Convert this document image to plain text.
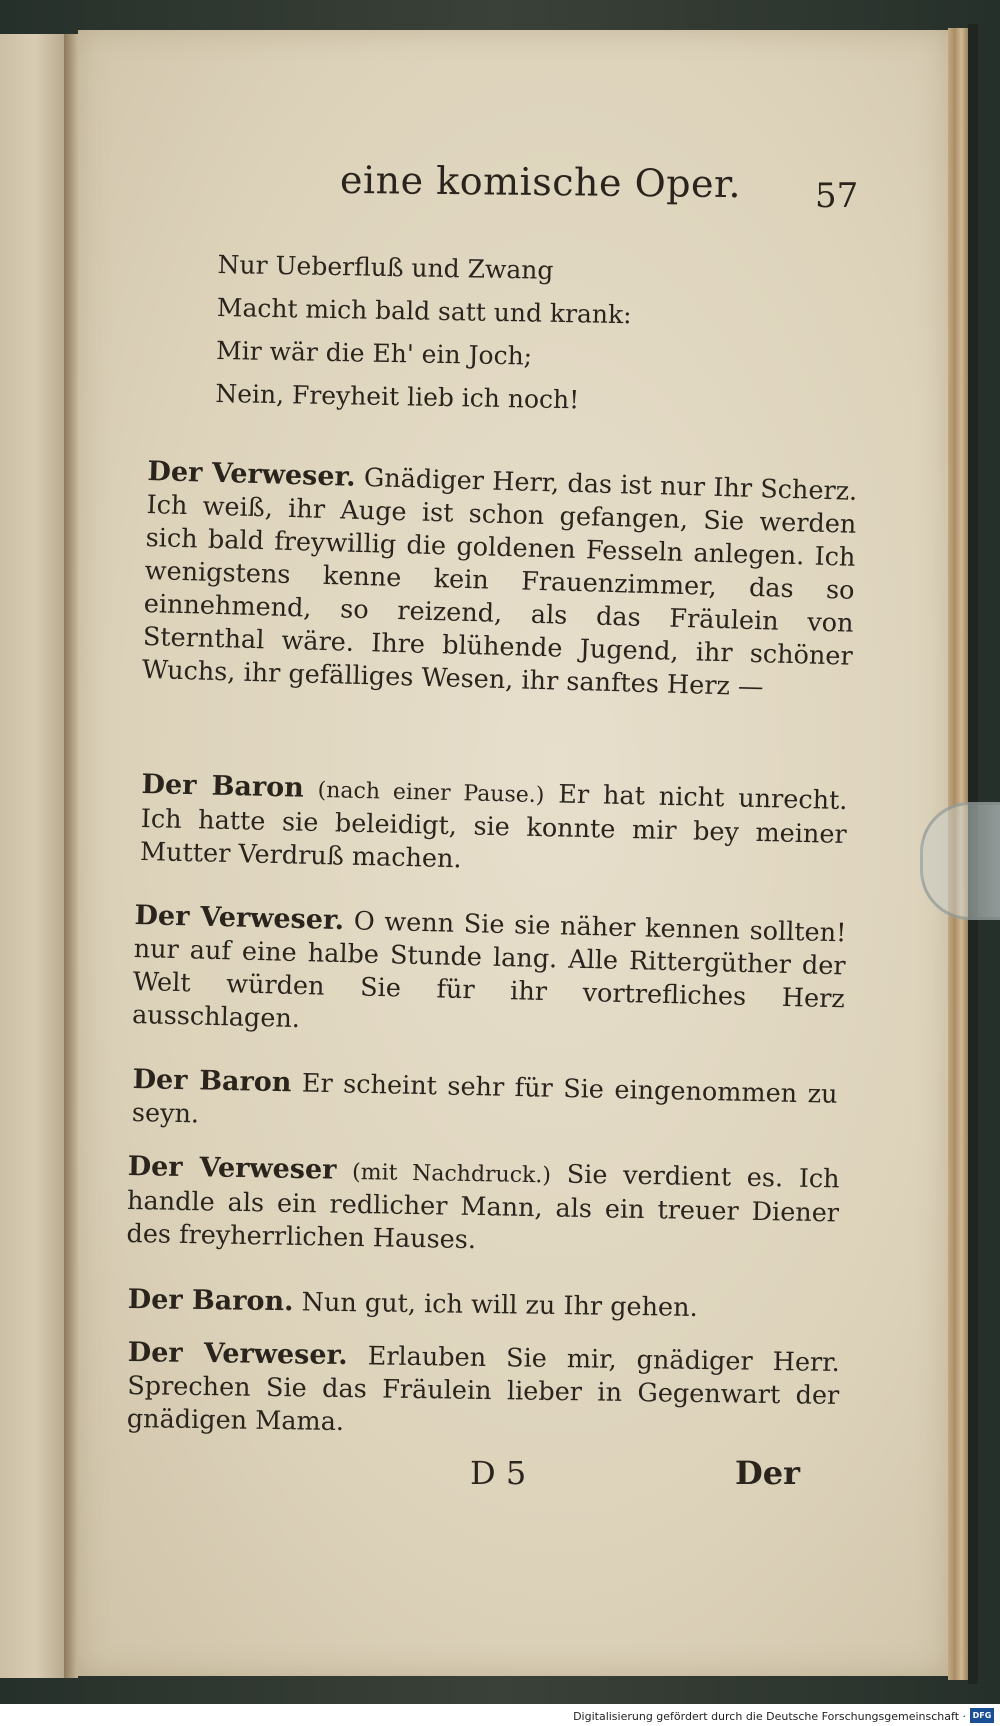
eine komische Oper. 57
Nur Ueberfluß und Zwang
Macht mich bald satt und krank:
Mir wär die Eh' ein Joch;
Nein, Freyheit lieb ich noch!
Der Verweser. Gnädiger Herr, das ist nur Ihr Scherz. Ich weiß, ihr Auge ist schon gefangen, Sie werden sich bald freywillig die goldenen Fesseln anlegen. Ich wenigstens kenne kein Frauenzimmer, das so einnehmend, so reizend, als das Fräulein von Sternthal wäre. Ihre blühende Jugend, ihr schöner Wuchs, ihr gefälliges Wesen, ihr sanftes Herz —
Der Baron (nach einer Pause.) Er hat nicht unrecht. Ich hatte sie beleidigt, sie konnte mir bey meiner Mutter Verdruß machen.
Der Verweser. O wenn Sie sie näher kennen sollten! nur auf eine halbe Stunde lang. Alle Rittergüther der Welt würden Sie für ihr vortrefliches Herz ausschlagen.
Der Baron Er scheint sehr für Sie eingenommen zu seyn.
Der Verweser (mit Nachdruck.) Sie verdient es. Ich handle als ein redlicher Mann, als ein treuer Diener des freyherrlichen Hauses.
Der Baron. Nun gut, ich will zu Ihr gehen.
Der Verweser. Erlauben Sie mir, gnädiger Herr. Sprechen Sie das Fräulein lieber in Gegenwart der gnädigen Mama.
D 5	Der
Digitalisierung gefördert durch die Deutsche Forschungsgemeinschaft · DFG
